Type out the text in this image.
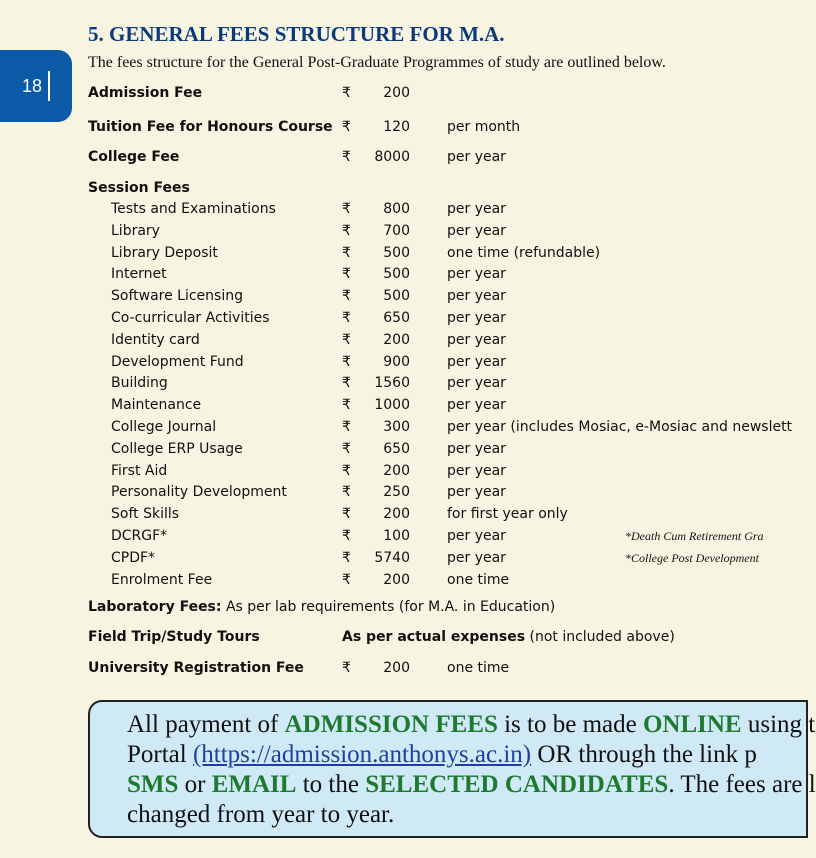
18
5. GENERAL FEES STRUCTURE FOR M.A.
The fees structure for the General Post-Graduate Programmes of study are outlined below.
Admission Fee	₹	200
Tuition Fee for Honours Course ₹	120	per month
College Fee	₹	8000	per year
Session Fees
Tests and Examinations	₹	800	per year
Library	₹	700	per year
Library Deposit	₹	500	one time (refundable)
Internet	₹	500	per year
Software Licensing	₹	500	per year
Co-curricular Activities	₹	650	per year
Identity card	₹	200	per year
Development Fund	₹	900	per year
Building	₹	1560	per year
Maintenance	₹	1000	per year
College Journal	₹	300	per year (includes Mosiac, e-Mosiac and newslett
College ERP Usage	₹	650	per year
First Aid	₹	200	per year
Personality Development	₹	250	per year
Soft Skills	₹	200	for first year only
DCRGF*	₹	100	per year	*Death Cum Retirement Gra
CPDF*	₹	5740	per year	*College Post Development
Enrolment Fee	₹	200	one time
Laboratory Fees: As per lab requirements (for M.A. in Education)
Field Trip/Study Tours	As per actual expenses (not included above)
University Registration Fee	₹	200	one time
All payment of ADMISSION FEES is to be made ONLINE using t
Portal (https://admission.anthonys.ac.in) OR through the link p
SMS or EMAIL to the SELECTED CANDIDATES. The fees are l
changed from year to year.
